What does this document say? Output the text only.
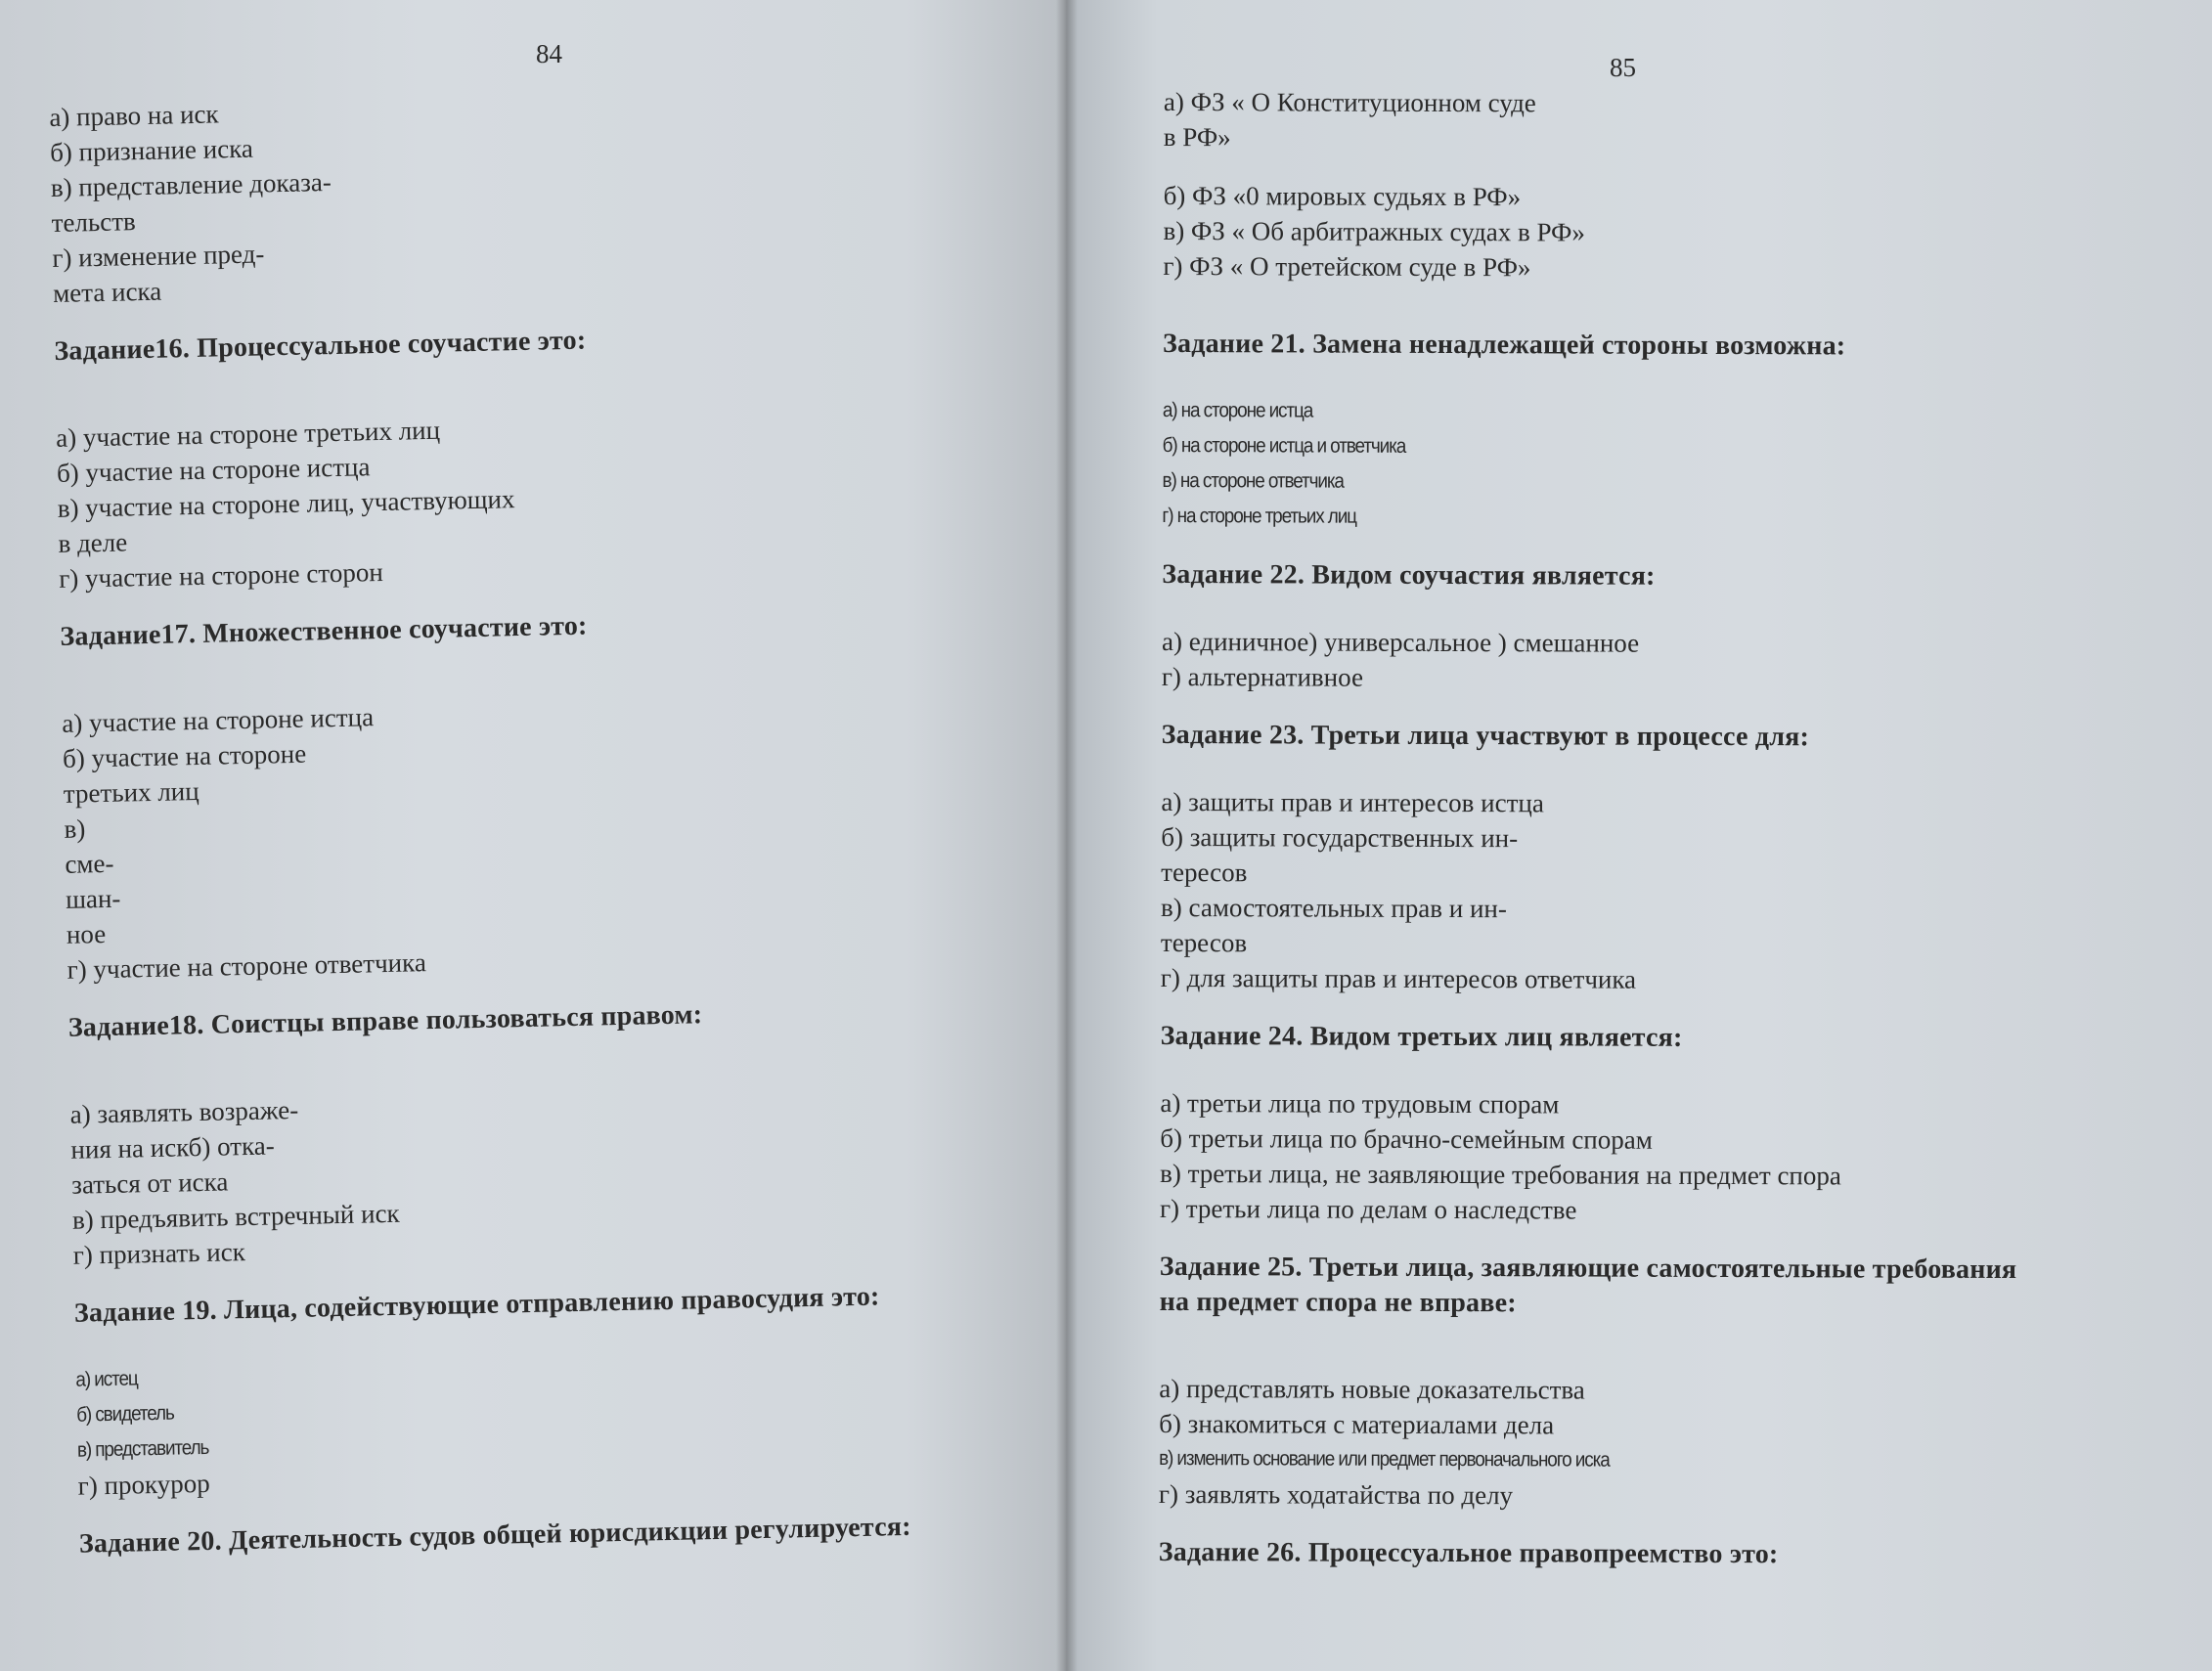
84

а) право на иск

б) признание иска

в) представление доказа-

тельств

г) изменение пред-

мета иска

Задание16. Процессуальное соучастие это:

а) участие на стороне третьих лиц

б) участие на стороне истца

в) участие на стороне лиц, участвующих

в деле

г) участие на стороне сторон

Задание17. Множественное соучастие это:

а) участие на стороне истца

б) участие на стороне

третьих лиц

в)

сме-

шан-

ное

г) участие на стороне ответчика

Задание18. Соистцы вправе пользоваться правом:

а) заявлять возраже-

ния на искб) отка-

заться от иска

в) предъявить встречный иск

г) признать иск

Задание 19. Лица, содействующие отправлению правосудия это:

а) истец

б) свидетель

в) представитель

г) прокурор

Задание 20. Деятельность судов общей юрисдикции регулируется:

85

а) ФЗ « О Конституционном суде

в РФ»

б) ФЗ «0 мировых судьях в РФ»

в) ФЗ « Об арбитражных судах в РФ»

г) ФЗ « О третейском суде в РФ»

Задание 21. Замена ненадлежащей стороны возможна:

а) на стороне истца

б) на стороне истца и ответчика

в) на стороне ответчика

г) на стороне третьих лиц

Задание 22. Видом соучастия является:

а) единичное) универсальное ) смешанное

г) альтернативное

Задание 23. Третьи лица участвуют в процессе для:

а) защиты прав и интересов истца

б) защиты государственных ин-

тересов

в) самостоятельных прав и ин-

тересов

г) для защиты прав и интересов ответчика

Задание 24. Видом третьих лиц является:

а) третьи лица по трудовым спорам

б) третьи лица по брачно-семейным спорам

в) третьи лица, не заявляющие требования на предмет спора

г) третьи лица по делам о наследстве

Задание 25. Третьи лица, заявляющие самостоятельные требования

на предмет спора не вправе:

а) представлять новые доказательства

б) знакомиться с материалами дела

в) изменить основание или предмет первоначального иска

г) заявлять ходатайства по делу

Задание 26. Процессуальное правопреемство это:
